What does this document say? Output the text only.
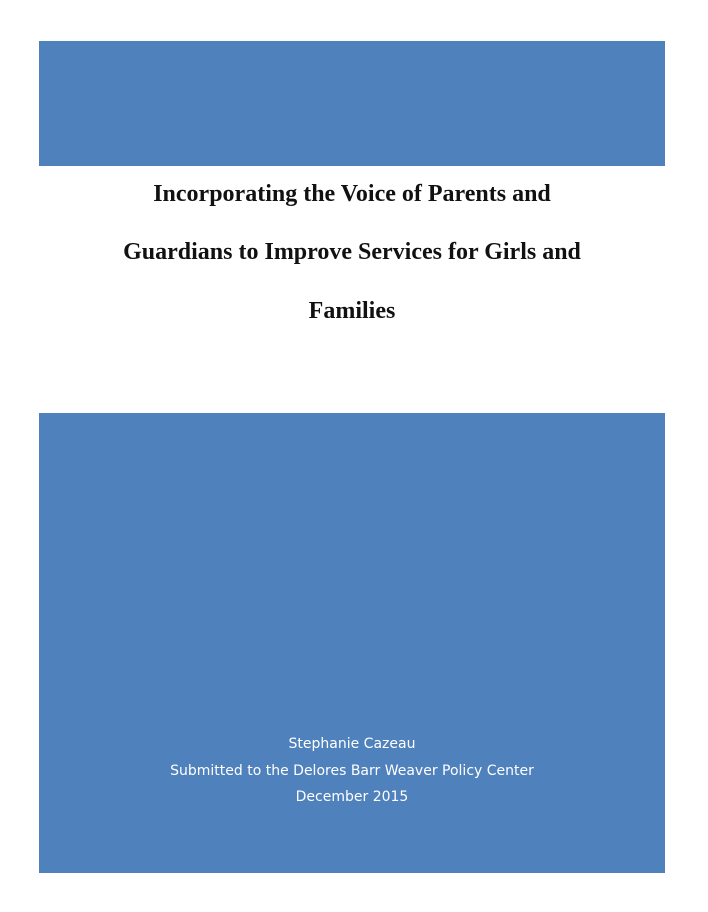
Incorporating the Voice of Parents and
Guardians to Improve Services for Girls and
Families
Stephanie Cazeau
Submitted to the Delores Barr Weaver Policy Center
December 2015
